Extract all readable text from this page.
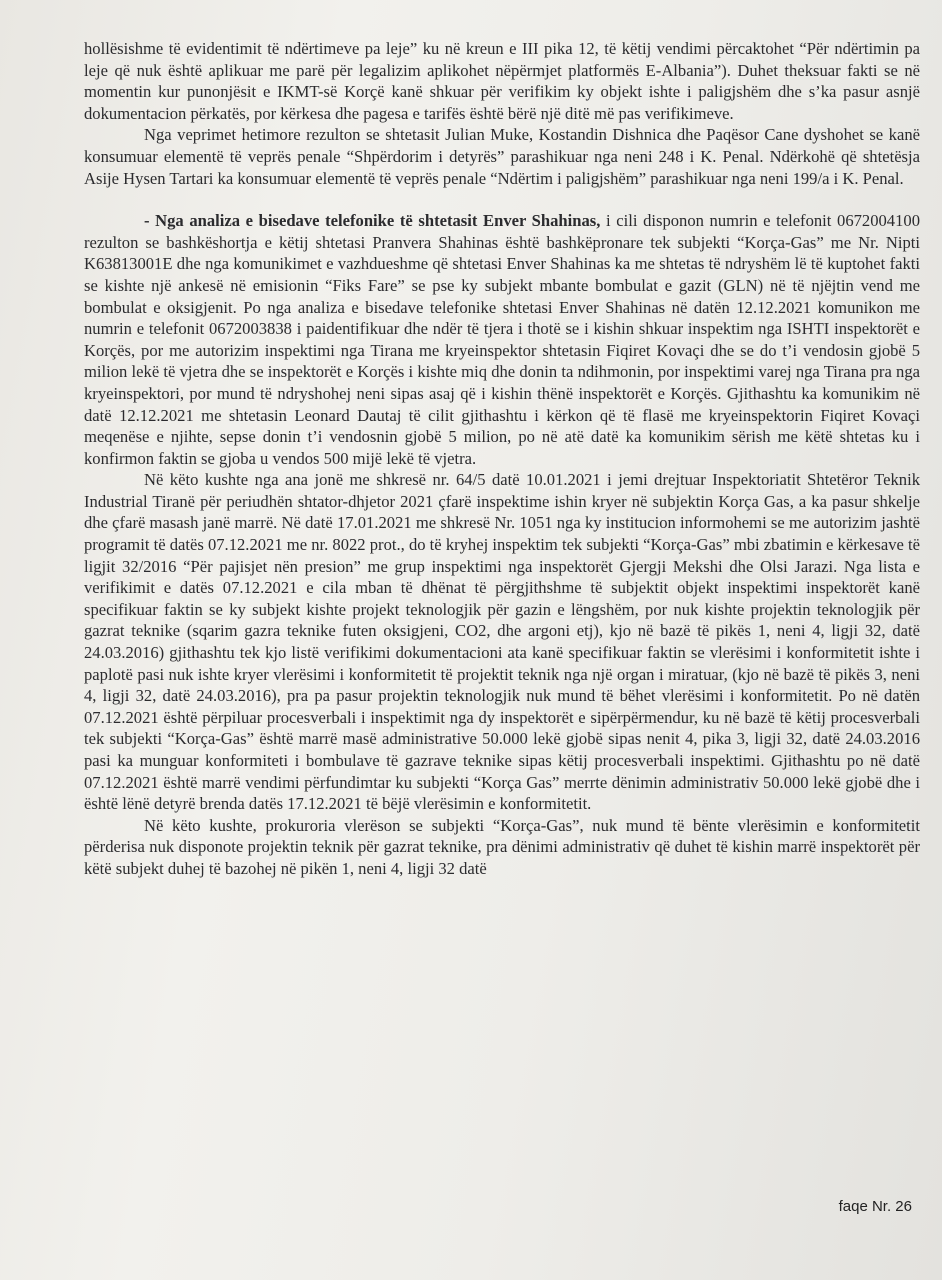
hollësishme të evidentimit të ndërtimeve pa leje” ku në kreun e III pika 12, të këtij vendimi përcaktohet “Për ndërtimin pa leje që nuk është aplikuar me parë për legalizim aplikohet nëpërmjet platformës E-Albania”). Duhet theksuar fakti se në momentin kur punonjësit e IKMT-së Korçë kanë shkuar për verifikim ky objekt ishte i paligjshëm dhe s’ka pasur asnjë dokumentacion përkatës, por kërkesa dhe pagesa e tarifës është bërë një ditë më pas verifikimeve.

Nga veprimet hetimore rezulton se shtetasit Julian Muke, Kostandin Dishnica dhe Paqësor Cane dyshohet se kanë konsumuar elementë të veprës penale “Shpërdorim i detyrës” parashikuar nga neni 248 i K. Penal. Ndërkohë që shtetësja Asije Hysen Tartari ka konsumuar elementë të veprës penale “Ndërtim i paligjshëm” parashikuar nga neni 199/a i K. Penal.

- Nga analiza e bisedave telefonike të shtetasit Enver Shahinas, i cili disponon numrin e telefonit 0672004100 rezulton se bashkëshortja e këtij shtetasi Pranvera Shahinas është bashkëpronare tek subjekti “Korça-Gas” me Nr. Nipti K63813001E dhe nga komunikimet e vazhdueshme që shtetasi Enver Shahinas ka me shtetas të ndryshëm lë të kuptohet fakti se kishte një ankesë në emisionin “Fiks Fare” se pse ky subjekt mbante bombulat e gazit (GLN) në të njëjtin vend me bombulat e oksigjenit. Po nga analiza e bisedave telefonike shtetasi Enver Shahinas në datën 12.12.2021 komunikon me numrin e telefonit 0672003838 i paidentifikuar dhe ndër të tjera i thotë se i kishin shkuar inspektim nga ISHTI inspektorët e Korçës, por me autorizim inspektimi nga Tirana me kryeinspektor shtetasin Fiqiret Kovaçi dhe se do t’i vendosin gjobë 5 milion lekë të vjetra dhe se inspektorët e Korçës i kishte miq dhe donin ta ndihmonin, por inspektimi varej nga Tirana pra nga kryeinspektori, por mund të ndryshohej neni sipas asaj që i kishin thënë inspektorët e Korçës. Gjithashtu ka komunikim në datë 12.12.2021 me shtetasin Leonard Dautaj të cilit gjithashtu i kërkon që të flasë me kryeinspektorin Fiqiret Kovaçi meqenëse e njihte, sepse donin t’i vendosnin gjobë 5 milion, po në atë datë ka komunikim sërish me këtë shtetas ku i konfirmon faktin se gjoba u vendos 500 mijë lekë të vjetra.

Në këto kushte nga ana jonë me shkresë nr. 64/5 datë 10.01.2021 i jemi drejtuar Inspektoriatit Shtetëror Teknik Industrial Tiranë për periudhën shtator-dhjetor 2021 çfarë inspektime ishin kryer në subjektin Korça Gas, a ka pasur shkelje dhe çfarë masash janë marrë. Në datë 17.01.2021 me shkresë Nr. 1051 nga ky institucion informohemi se me autorizim jashtë programit të datës 07.12.2021 me nr. 8022 prot., do të kryhej inspektim tek subjekti “Korça-Gas” mbi zbatimin e kërkesave të ligjit 32/2016 “Për pajisjet nën presion” me grup inspektimi nga inspektorët Gjergji Mekshi dhe Olsi Jarazi. Nga lista e verifikimit e datës 07.12.2021 e cila mban të dhënat të përgjithshme të subjektit objekt inspektimi inspektorët kanë specifikuar faktin se ky subjekt kishte projekt teknologjik për gazin e lëngshëm, por nuk kishte projektin teknologjik për gazrat teknike (sqarim gazra teknike futen oksigjeni, CO2, dhe argoni etj), kjo në bazë të pikës 1, neni 4, ligji 32, datë 24.03.2016) gjithashtu tek kjo listë verifikimi dokumentacioni ata kanë specifikuar faktin se vlerësimi i konformitetit ishte i paplotë pasi nuk ishte kryer vlerësimi i konformitetit të projektit teknik nga një organ i miratuar, (kjo në bazë të pikës 3, neni 4, ligji 32, datë 24.03.2016), pra pa pasur projektin teknologjik nuk mund të bëhet vlerësimi i konformitetit. Po në datën 07.12.2021 është përpiluar procesverbali i inspektimit nga dy inspektorët e sipërpërmendur, ku në bazë të këtij procesverbali tek subjekti “Korça-Gas” është marrë masë administrative 50.000 lekë gjobë sipas nenit 4, pika 3, ligji 32, datë 24.03.2016 pasi ka munguar konformiteti i bombulave të gazrave teknike sipas këtij procesverbali inspektimi. Gjithashtu po në datë 07.12.2021 është marrë vendimi përfundimtar ku subjekti “Korça Gas” merrte dënimin administrativ 50.000 lekë gjobë dhe i është lënë detyrë brenda datës 17.12.2021 të bëjë vlerësimin e konformitetit.

Në këto kushte, prokuroria vlerëson se subjekti “Korça-Gas”, nuk mund të bënte vlerësimin e konformitetit përderisa nuk disponote projektin teknik për gazrat teknike, pra dënimi administrativ që duhet të kishin marrë inspektorët për këtë subjekt duhej të bazohej në pikën 1, neni 4, ligji 32 datë

faqe Nr. 26
